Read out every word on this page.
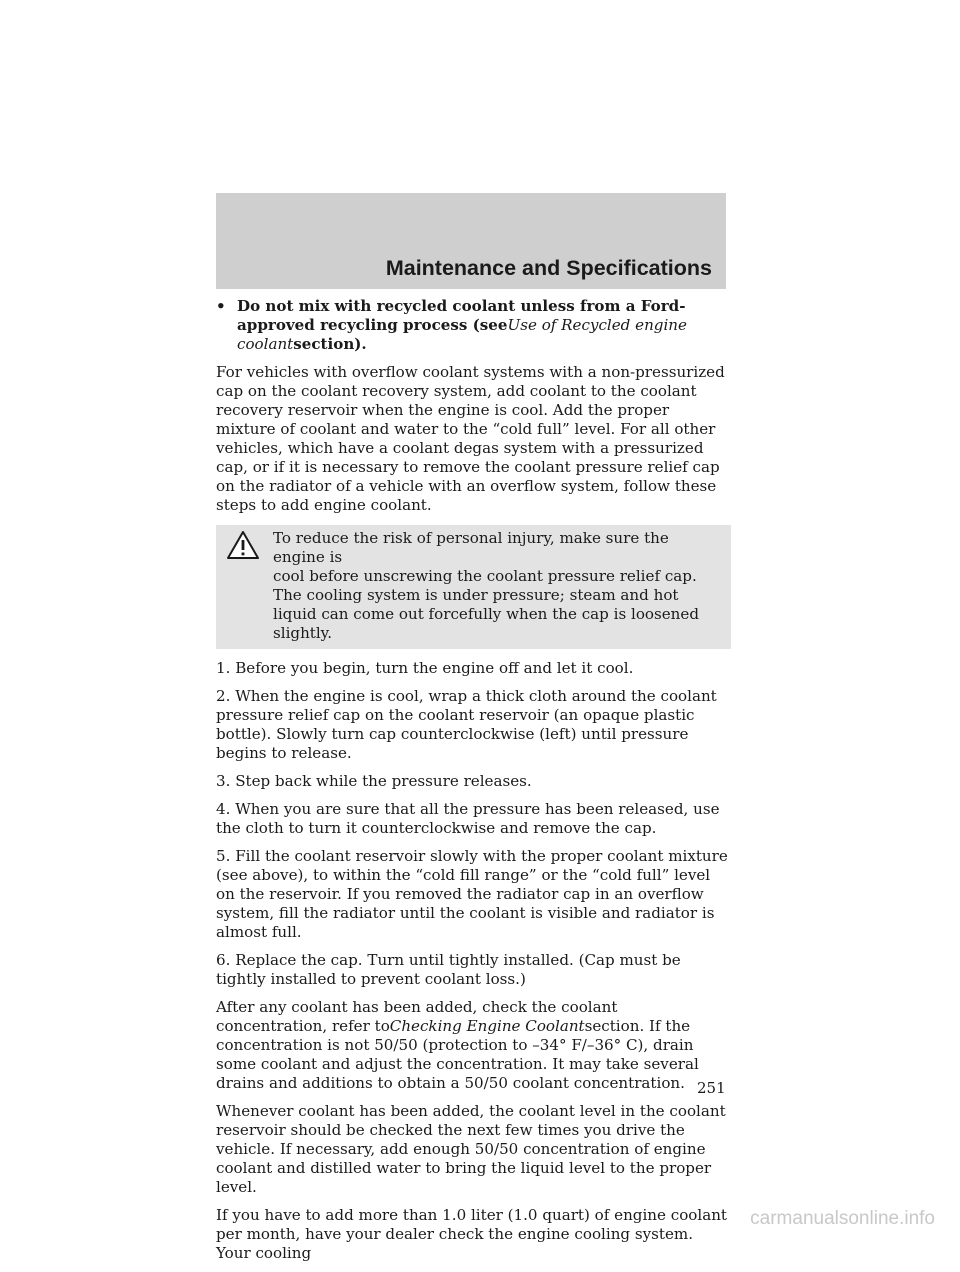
Maintenance and Specifications
• Do not mix with recycled coolant unless from a Ford-approved recycling process (seeUse of Recycled engine coolantsection).

For vehicles with overflow coolant systems with a non-pressurized cap on the coolant recovery system, add coolant to the coolant recovery reservoir when the engine is cool. Add the proper mixture of coolant and water to the “cold full” level. For all other vehicles, which have a coolant degas system with a pressurized cap, or if it is necessary to remove the coolant pressure relief cap on the radiator of a vehicle with an overflow system, follow these steps to add engine coolant.

To reduce the risk of personal injury, make sure the engine is
cool before unscrewing the coolant pressure relief cap. The cooling system is under pressure; steam and hot liquid can come out forcefully when the cap is loosened slightly.

1. Before you begin, turn the engine off and let it cool.

2. When the engine is cool, wrap a thick cloth around the coolant pressure relief cap on the coolant reservoir (an opaque plastic bottle). Slowly turn cap counterclockwise (left) until pressure begins to release.

3. Step back while the pressure releases.

4. When you are sure that all the pressure has been released, use the cloth to turn it counterclockwise and remove the cap.

5. Fill the coolant reservoir slowly with the proper coolant mixture (see above), to within the “cold fill range” or the “cold full” level on the reservoir. If you removed the radiator cap in an overflow system, fill the radiator until the coolant is visible and radiator is almost full.

6. Replace the cap. Turn until tightly installed. (Cap must be tightly installed to prevent coolant loss.)

After any coolant has been added, check the coolant concentration, refer toChecking Engine Coolantsection. If the concentration is not 50/50 (protection to –34° F/–36° C), drain some coolant and adjust the concentration. It may take several drains and additions to obtain a 50/50 coolant concentration.

Whenever coolant has been added, the coolant level in the coolant reservoir should be checked the next few times you drive the vehicle. If necessary, add enough 50/50 concentration of engine coolant and distilled water to bring the liquid level to the proper level.

If you have to add more than 1.0 liter (1.0 quart) of engine coolant per month, have your dealer check the engine cooling system. Your cooling

251
carmanualsonline.info
